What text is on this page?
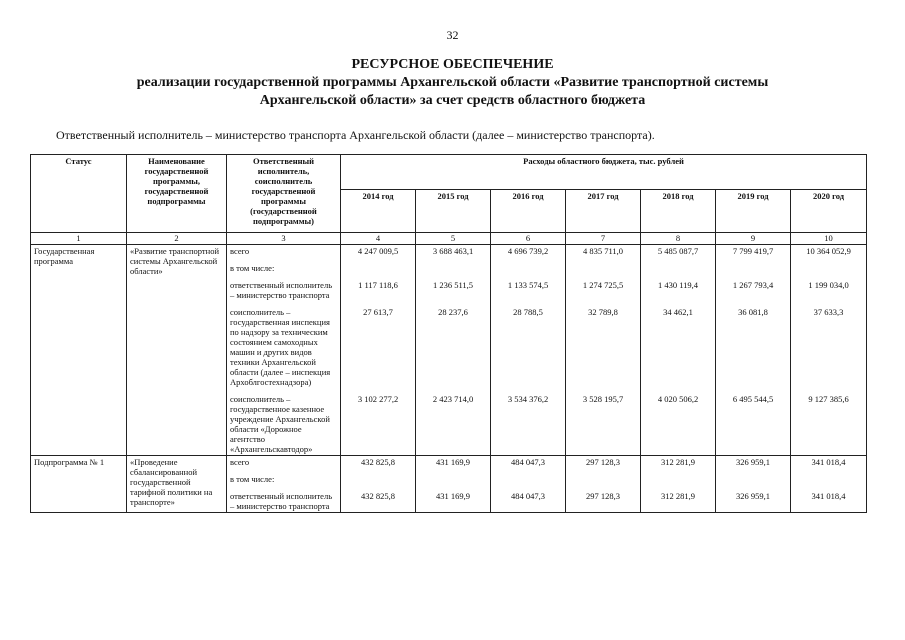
32
РЕСУРСНОЕ ОБЕСПЕЧЕНИЕ
реализации государственной программы Архангельской области «Развитие транспортной системы
Архангельской области» за счет средств областного бюджета
Ответственный исполнитель – министерство транспорта Архангельской области (далее – министерство транспорта).
Статус	Наименование государственной программы, государственной подпрограммы	Ответственный исполнитель, соисполнитель государственной программы (государственной подпрограммы)	Расходы областного бюджета, тыс. рублей						
			2014 год	2015 год	2016 год	2017 год	2018 год	2019 год	2020 год
1	2	3	4	5	6	7	8	9	10
Государственная программа	«Развитие транспортной системы Архангельской области»	всего	4 247 009,5	3 688 463,1	4 696 739,2	4 835 711,0	5 485 087,7	7 799 419,7	10 364 052,9
		в том числе:							
		ответственный исполнитель – министерство транспорта	1 117 118,6	1 236 511,5	1 133 574,5	1 274 725,5	1 430 119,4	1 267 793,4	1 199 034,0
		соисполнитель – государственная инспекция по надзору за техническим состоянием самоходных машин и других видов техники Архангельской области (далее – инспекция Архоблгостехнадзора)	27 613,7	28 237,6	28 788,5	32 789,8	34 462,1	36 081,8	37 633,3
		соисполнитель – государственное казенное учреждение Архангельской области «Дорожное агентство «Архангельскавтодор»	3 102 277,2	2 423 714,0	3 534 376,2	3 528 195,7	4 020 506,2	6 495 544,5	9 127 385,6
Подпрограмма № 1	«Проведение сбалансированной государственной тарифной политики на транспорте»	всего	432 825,8	431 169,9	484 047,3	297 128,3	312 281,9	326 959,1	341 018,4
		в том числе:							
		ответственный исполнитель – министерство транспорта	432 825,8	431 169,9	484 047,3	297 128,3	312 281,9	326 959,1	341 018,4
